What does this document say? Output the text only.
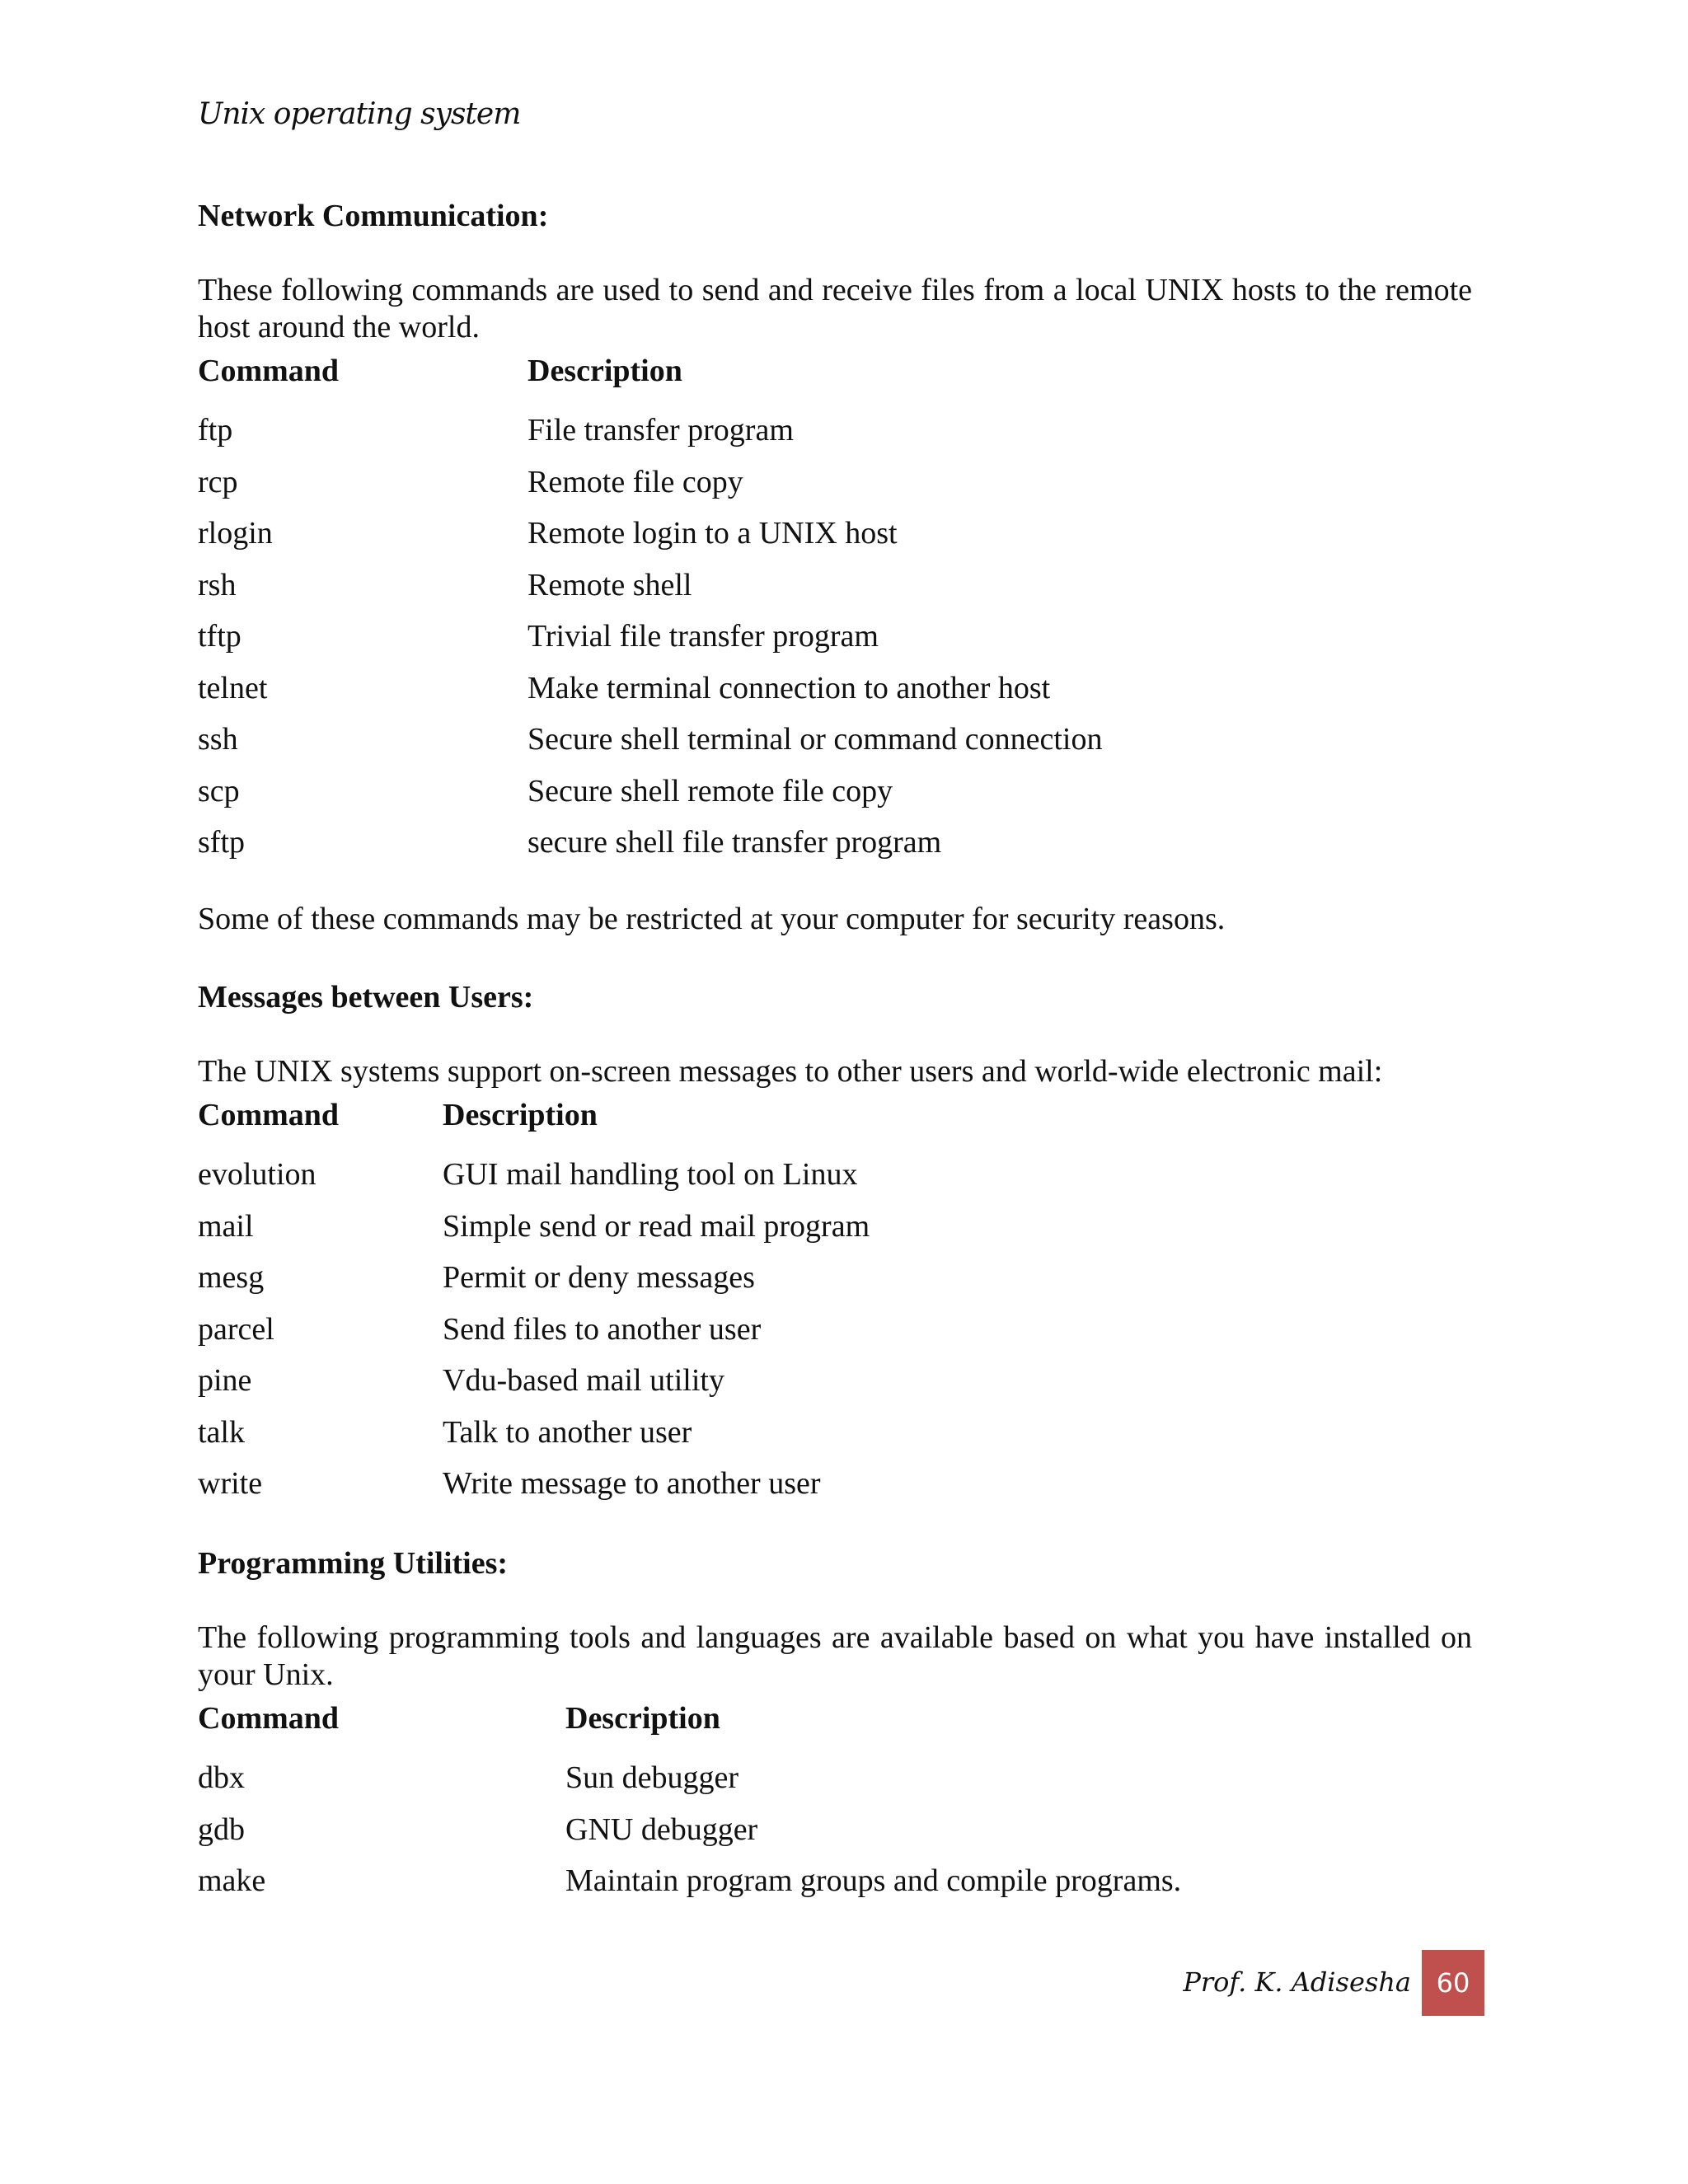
Unix operating system
Network Communication:
These following commands are used to send and receive files from a local UNIX hosts to the remote host around the world.
Command	Description
ftp	File transfer program
rcp	Remote file copy
rlogin	Remote login to a UNIX host
rsh	Remote shell
tftp	Trivial file transfer program
telnet	Make terminal connection to another host
ssh	Secure shell terminal or command connection
scp	Secure shell remote file copy
sftp	secure shell file transfer program
Some of these commands may be restricted at your computer for security reasons.
Messages between Users:
The UNIX systems support on-screen messages to other users and world-wide electronic mail:
Command	Description
evolution	GUI mail handling tool on Linux
mail	Simple send or read mail program
mesg	Permit or deny messages
parcel	Send files to another user
pine	Vdu-based mail utility
talk	Talk to another user
write	Write message to another user
Programming Utilities:
The following programming tools and languages are available based on what you have installed on your Unix.
Command	Description
dbx	Sun debugger
gdb	GNU debugger
make	Maintain program groups and compile programs.
Prof. K. Adisesha 60
